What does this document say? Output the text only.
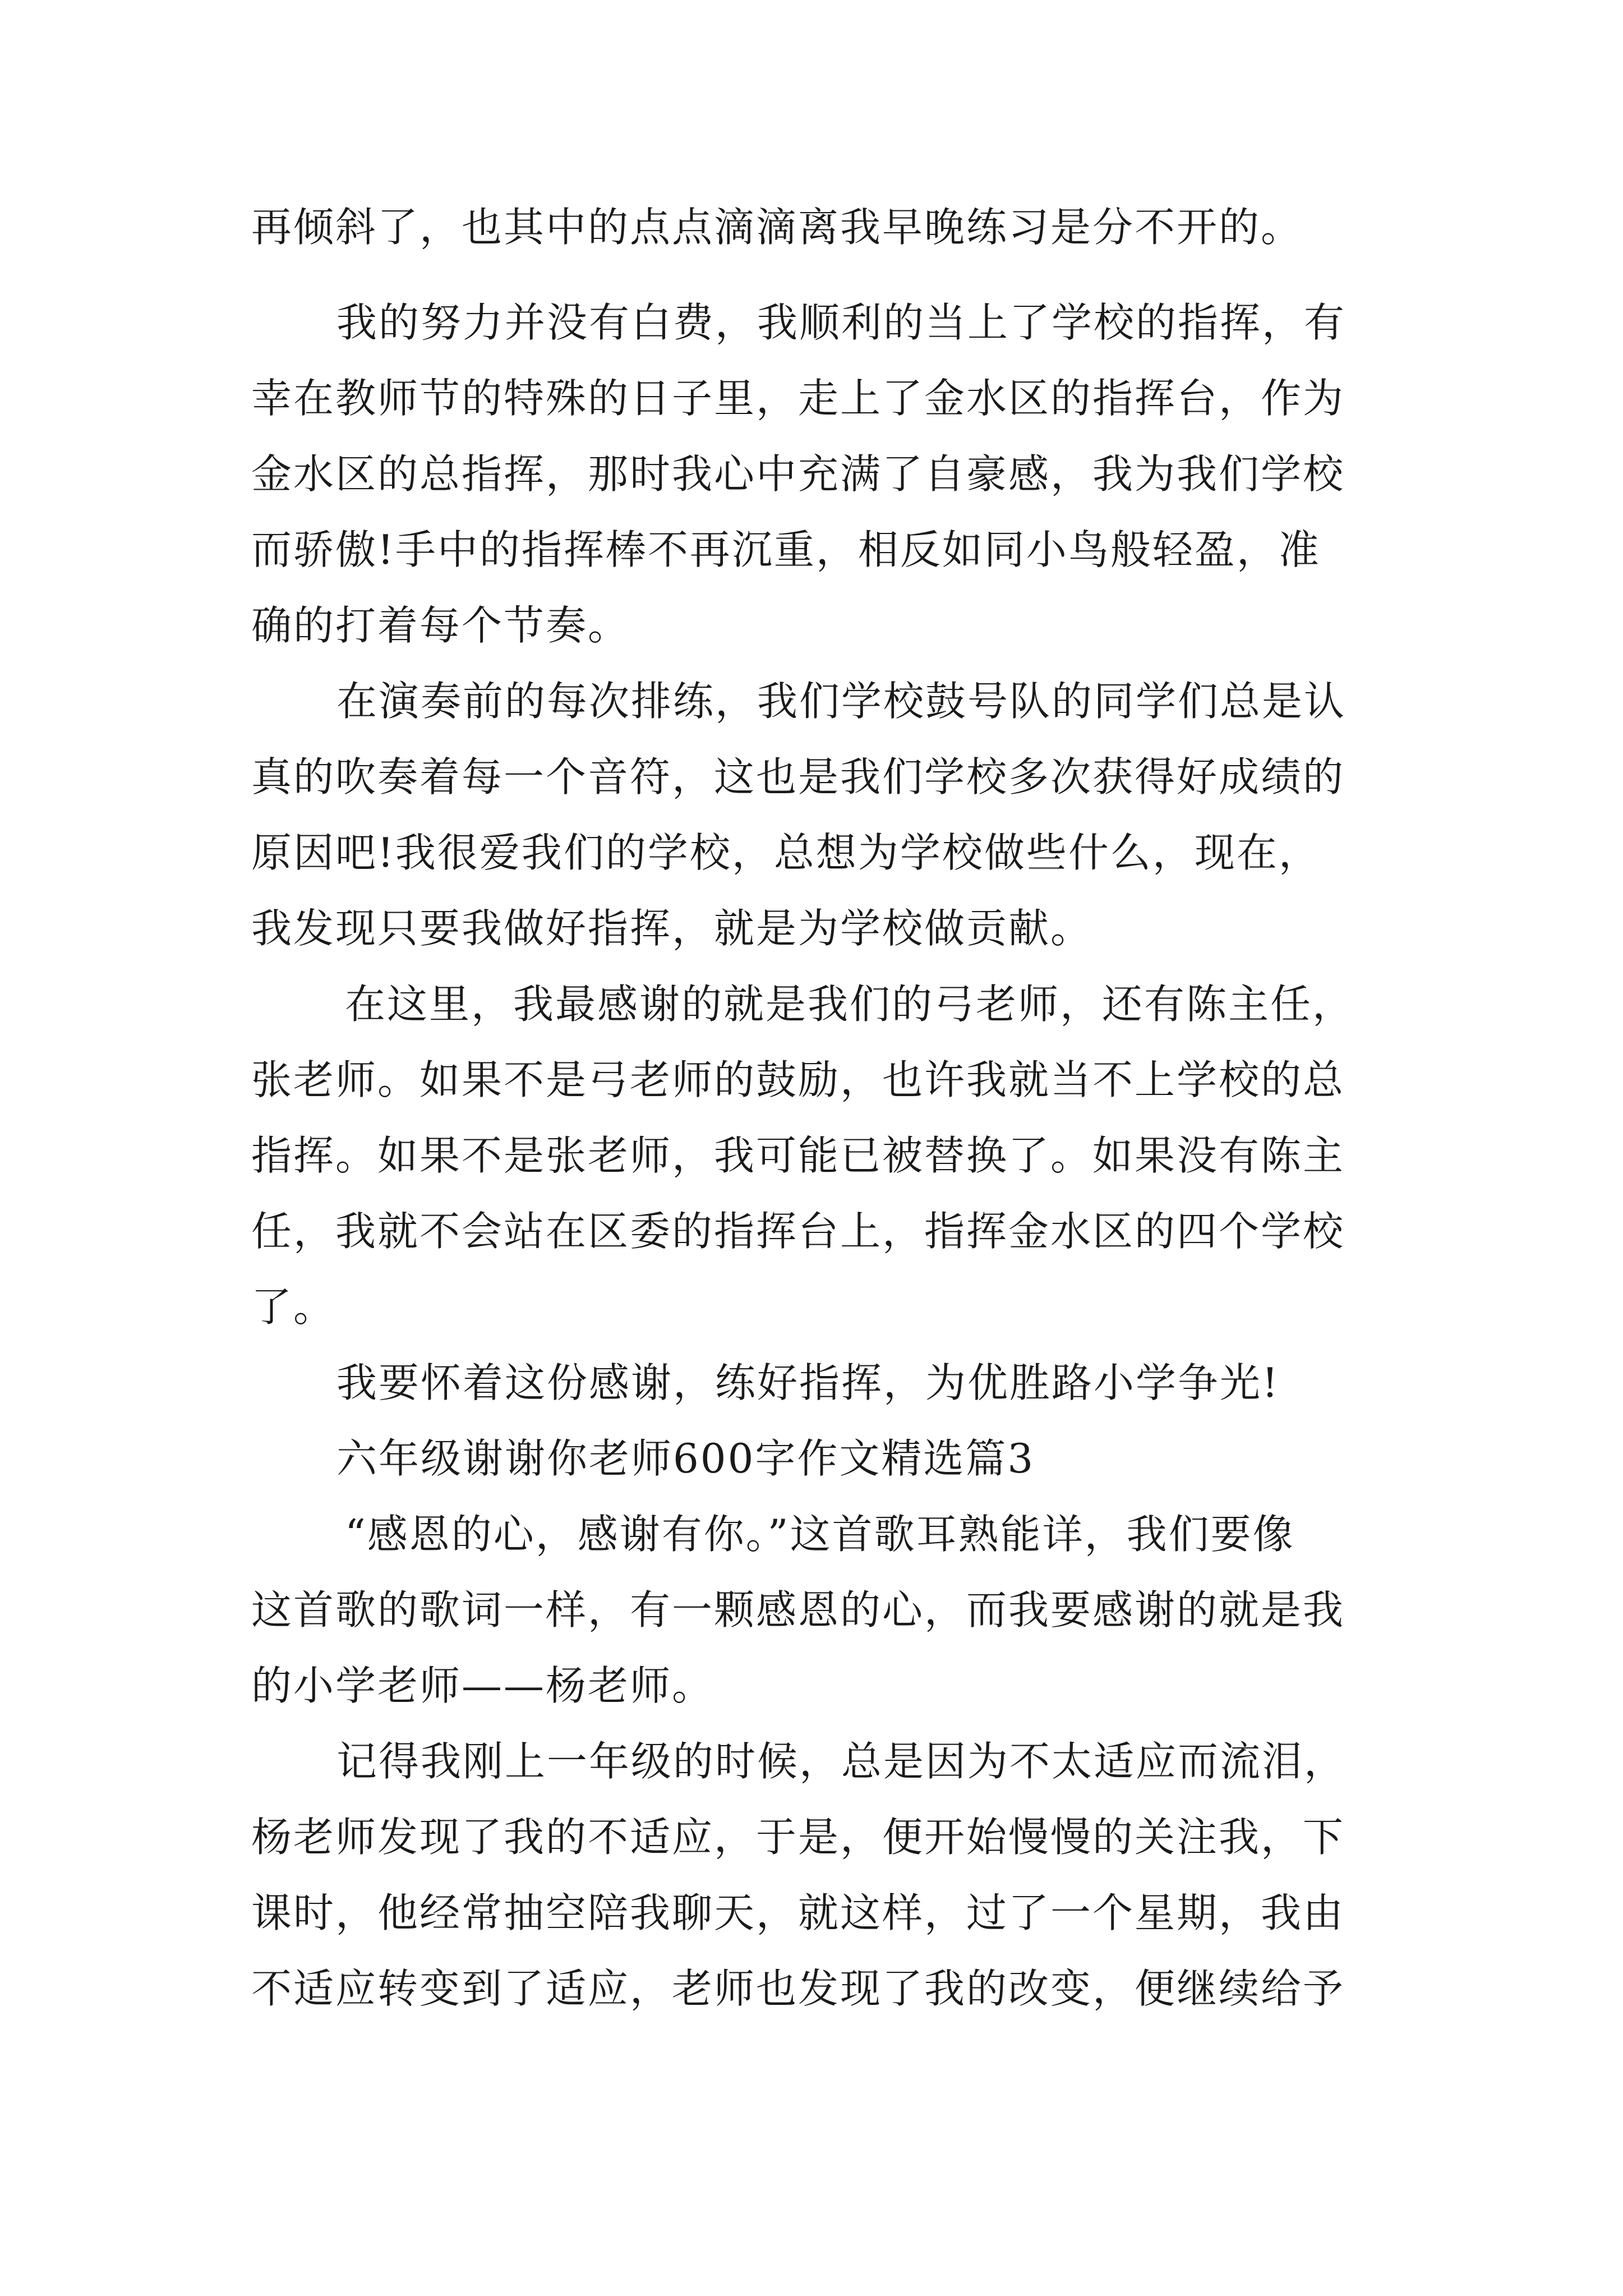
再倾斜了，也其中的点点滴滴离我早晚练习是分不开的。
我的努力并没有白费，我顺利的当上了学校的指挥，有
幸在教师节的特殊的日子里，走上了金水区的指挥台，作为
金水区的总指挥，那时我心中充满了自豪感，我为我们学校
而骄傲!手中的指挥棒不再沉重，相反如同小鸟般轻盈，准
确的打着每个节奏。
在演奏前的每次排练，我们学校鼓号队的同学们总是认
真的吹奏着每一个音符，这也是我们学校多次获得好成绩的
原因吧!我很爱我们的学校，总想为学校做些什么，现在，
我发现只要我做好指挥，就是为学校做贡献。
在这里，我最感谢的就是我们的弓老师，还有陈主任，
张老师。如果不是弓老师的鼓励，也许我就当不上学校的总
指挥。如果不是张老师，我可能已被替换了。如果没有陈主
任，我就不会站在区委的指挥台上，指挥金水区的四个学校
了。
我要怀着这份感谢，练好指挥，为优胜路小学争光!
六年级谢谢你老师600字作文精选篇3
“感恩的心，感谢有你。”这首歌耳熟能详，我们要像
这首歌的歌词一样，有一颗感恩的心，而我要感谢的就是我
的小学老师——杨老师。
记得我刚上一年级的时候，总是因为不太适应而流泪，
杨老师发现了我的不适应，于是，便开始慢慢的关注我，下
课时，他经常抽空陪我聊天，就这样，过了一个星期，我由
不适应转变到了适应，老师也发现了我的改变，便继续给予
